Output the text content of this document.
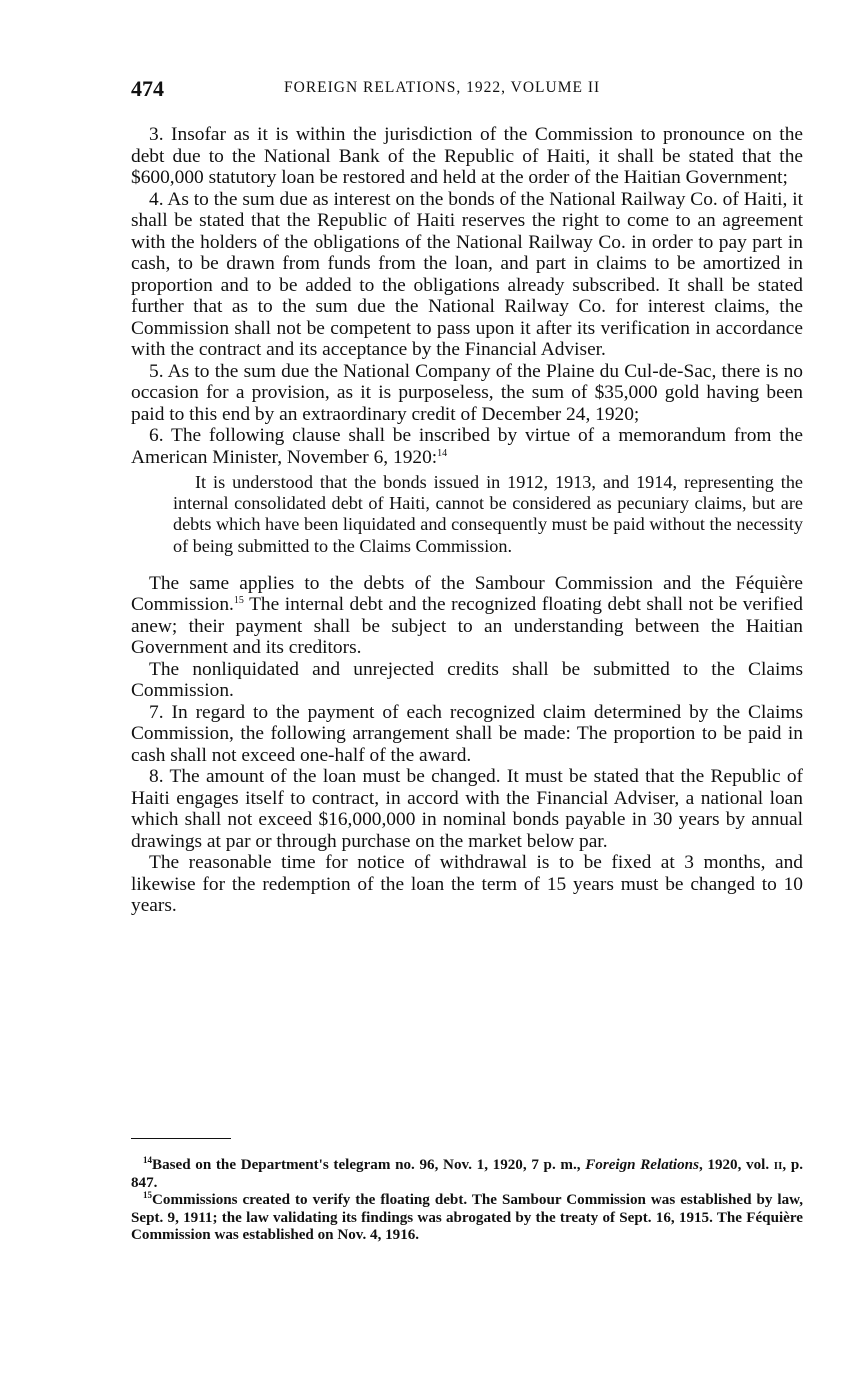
474	FOREIGN RELATIONS, 1922, VOLUME II

3. Insofar as it is within the jurisdiction of the Commission to pronounce on the debt due to the National Bank of the Republic of Haiti, it shall be stated that the $600,000 statutory loan be restored and held at the order of the Haitian Government;

4. As to the sum due as interest on the bonds of the National Railway Co. of Haiti, it shall be stated that the Republic of Haiti reserves the right to come to an agreement with the holders of the obligations of the National Railway Co. in order to pay part in cash, to be drawn from funds from the loan, and part in claims to be amortized in proportion and to be added to the obligations already subscribed. It shall be stated further that as to the sum due the National Railway Co. for interest claims, the Commission shall not be competent to pass upon it after its verification in accordance with the contract and its acceptance by the Financial Adviser.

5. As to the sum due the National Company of the Plaine du Cul-de-Sac, there is no occasion for a provision, as it is purposeless, the sum of $35,000 gold having been paid to this end by an extraordinary credit of December 24, 1920;

6. The following clause shall be inscribed by virtue of a memorandum from the American Minister, November 6, 1920:$^{14}$

It is understood that the bonds issued in 1912, 1913, and 1914, representing the internal consolidated debt of Haiti, cannot be considered as pecuniary claims, but are debts which have been liquidated and consequently must be paid without the necessity of being submitted to the Claims Commission.

The same applies to the debts of the Sambour Commission and the Féquière Commission.$^{15}$ The internal debt and the recognized floating debt shall not be verified anew; their payment shall be subject to an understanding between the Haitian Government and its creditors.

The nonliquidated and unrejected credits shall be submitted to the Claims Commission.

7. In regard to the payment of each recognized claim determined by the Claims Commission, the following arrangement shall be made: The proportion to be paid in cash shall not exceed one-half of the award.

8. The amount of the loan must be changed. It must be stated that the Republic of Haiti engages itself to contract, in accord with the Financial Adviser, a national loan which shall not exceed $16,000,000 in nominal bonds payable in 30 years by annual drawings at par or through purchase on the market below par.

The reasonable time for notice of withdrawal is to be fixed at 3 months, and likewise for the redemption of the loan the term of 15 years must be changed to 10 years.

$^{14}$Based on the Department's telegram no. 96, Nov. 1, 1920, 7 p. m., Foreign Relations, 1920, vol. ii, p. 847.

$^{15}$Commissions created to verify the floating debt. The Sambour Commission was established by law, Sept. 9, 1911; the law validating its findings was abrogated by the treaty of Sept. 16, 1915. The Féquière Commission was established on Nov. 4, 1916.
